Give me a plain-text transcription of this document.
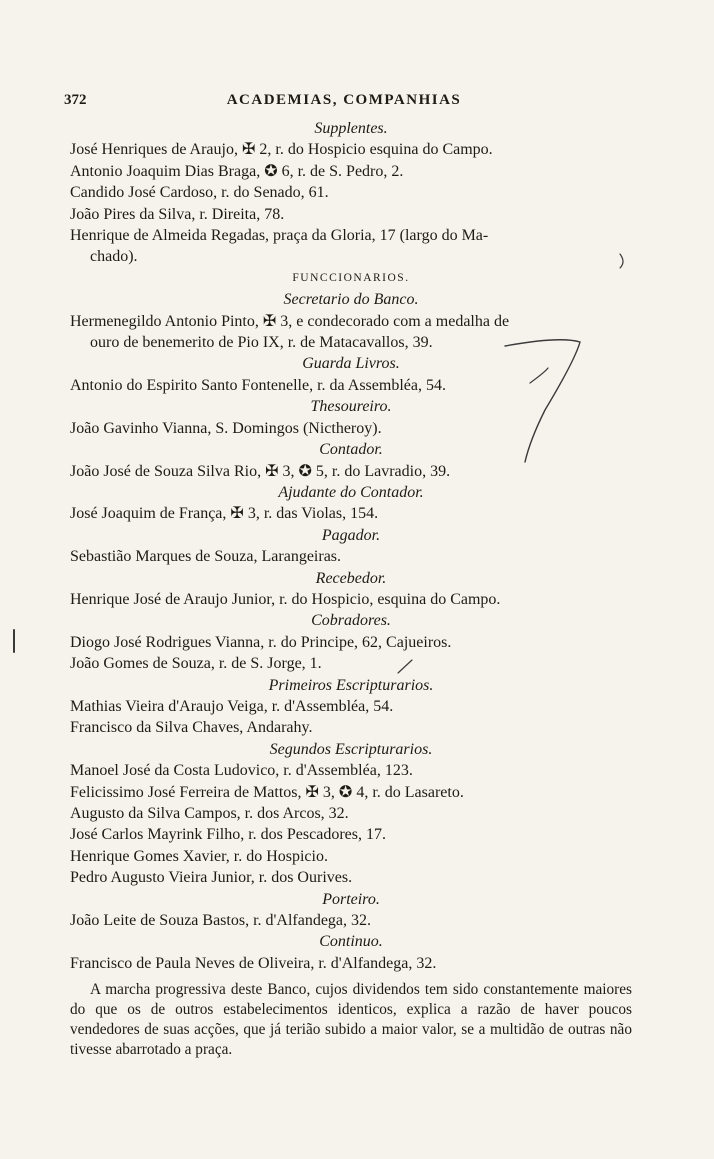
372	ACADEMIAS, COMPANHIAS
Supplentes.
José Henriques de Araujo, ✠ 2, r. do Hospicio esquina do Campo.
Antonio Joaquim Dias Braga, ✪ 6, r. de S. Pedro, 2.
Candido José Cardoso, r. do Senado, 61.
João Pires da Silva, r. Direita, 78.
Henrique de Almeida Regadas, praça da Gloria, 17 (largo do Ma-
chado).
FUNCCIONARIOS.
Secretario do Banco.
Hermenegildo Antonio Pinto, ✠ 3, e condecorado com a medalha de
ouro de benemerito de Pio IX, r. de Matacavallos, 39.
Guarda Livros.
Antonio do Espirito Santo Fontenelle, r. da Assembléa, 54.
Thesoureiro.
João Gavinho Vianna, S. Domingos (Nictheroy).
Contador.
João José de Souza Silva Rio, ✠ 3, ✪ 5, r. do Lavradio, 39.
Ajudante do Contador.
José Joaquim de França, ✠ 3, r. das Violas, 154.
Pagador.
Sebastião Marques de Souza, Larangeiras.
Recebedor.
Henrique José de Araujo Junior, r. do Hospicio, esquina do Campo.
Cobradores.
Diogo José Rodrigues Vianna, r. do Principe, 62, Cajueiros.
João Gomes de Souza, r. de S. Jorge, 1.
Primeiros Escripturarios.
Mathias Vieira d'Araujo Veiga, r. d'Assembléa, 54.
Francisco da Silva Chaves, Andarahy.
Segundos Escripturarios.
Manoel José da Costa Ludovico, r. d'Assembléa, 123.
Felicissimo José Ferreira de Mattos, ✠ 3, ✪ 4, r. do Lasareto.
Augusto da Silva Campos, r. dos Arcos, 32.
José Carlos Mayrink Filho, r. dos Pescadores, 17.
Henrique Gomes Xavier, r. do Hospicio.
Pedro Augusto Vieira Junior, r. dos Ourives.
Porteiro.
João Leite de Souza Bastos, r. d'Alfandega, 32.
Continuo.
Francisco de Paula Neves de Oliveira, r. d'Alfandega, 32.
A marcha progressiva deste Banco, cujos dividendos tem sido constantemente maiores do que os de outros estabelecimentos identicos, explica a razão de haver poucos vendedores de suas acções, que já terião subido a maior valor, se a multidão de outras não tivesse abarrotado a praça.
